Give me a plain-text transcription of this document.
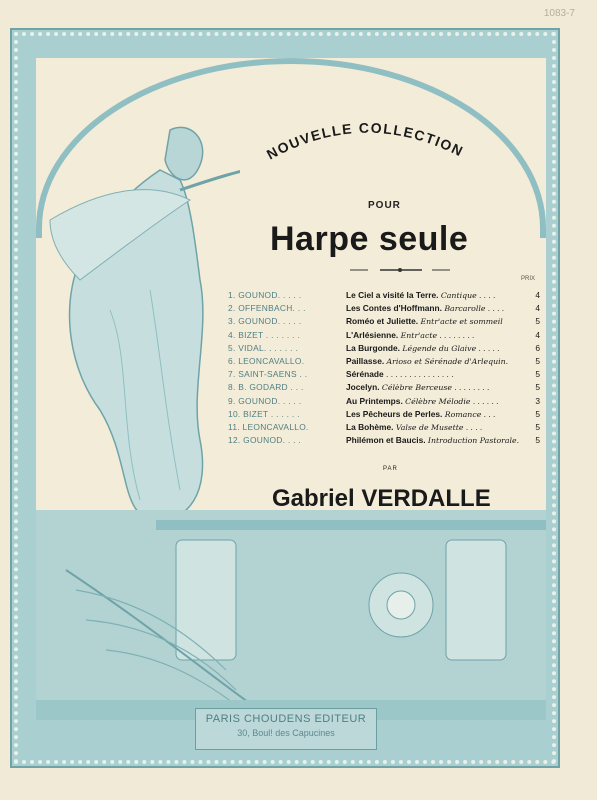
1083-7
NOUVELLE COLLECTION
POUR
Harpe seule
PRIX
1. GOUNOD. . . . .	Le Ciel a visité la Terre. Cantique . . . .	4
2. OFFENBACH. . .	Les Contes d'Hoffmann. Barcarolle . . . .	4
3. GOUNOD. . . . .	Roméo et Juliette. Entr'acte et sommeil	5
4. BIZET . . . . . . .	L'Arlésienne. Entr'acte . . . . . . . .	4
5. VIDAL. . . . . . .	La Burgonde. Légende du Glaive . . . . .	6
6. LEONCAVALLO.	Paillasse. Arioso et Sérénade d'Arlequin.	5
7. SAINT-SAENS . .	Sérénade . . . . . . . . . . . . . . .	5
8. B. GODARD . . .	Jocelyn. Célèbre Berceuse . . . . . . . .	5
9. GOUNOD. . . . .	Au Printemps. Célèbre Mélodie . . . . . .	3
10. BIZET . . . . . .	Les Pêcheurs de Perles. Romance . . .	5
11. LEONCAVALLO.	La Bohème. Valse de Musette . . . .	5
12. GOUNOD. . . .	Philémon et Baucis. Introduction Pastorale.	5
PAR
Gabriel VERDALLE
PARIS CHOUDENS EDITEUR
30, Boul! des Capucines
